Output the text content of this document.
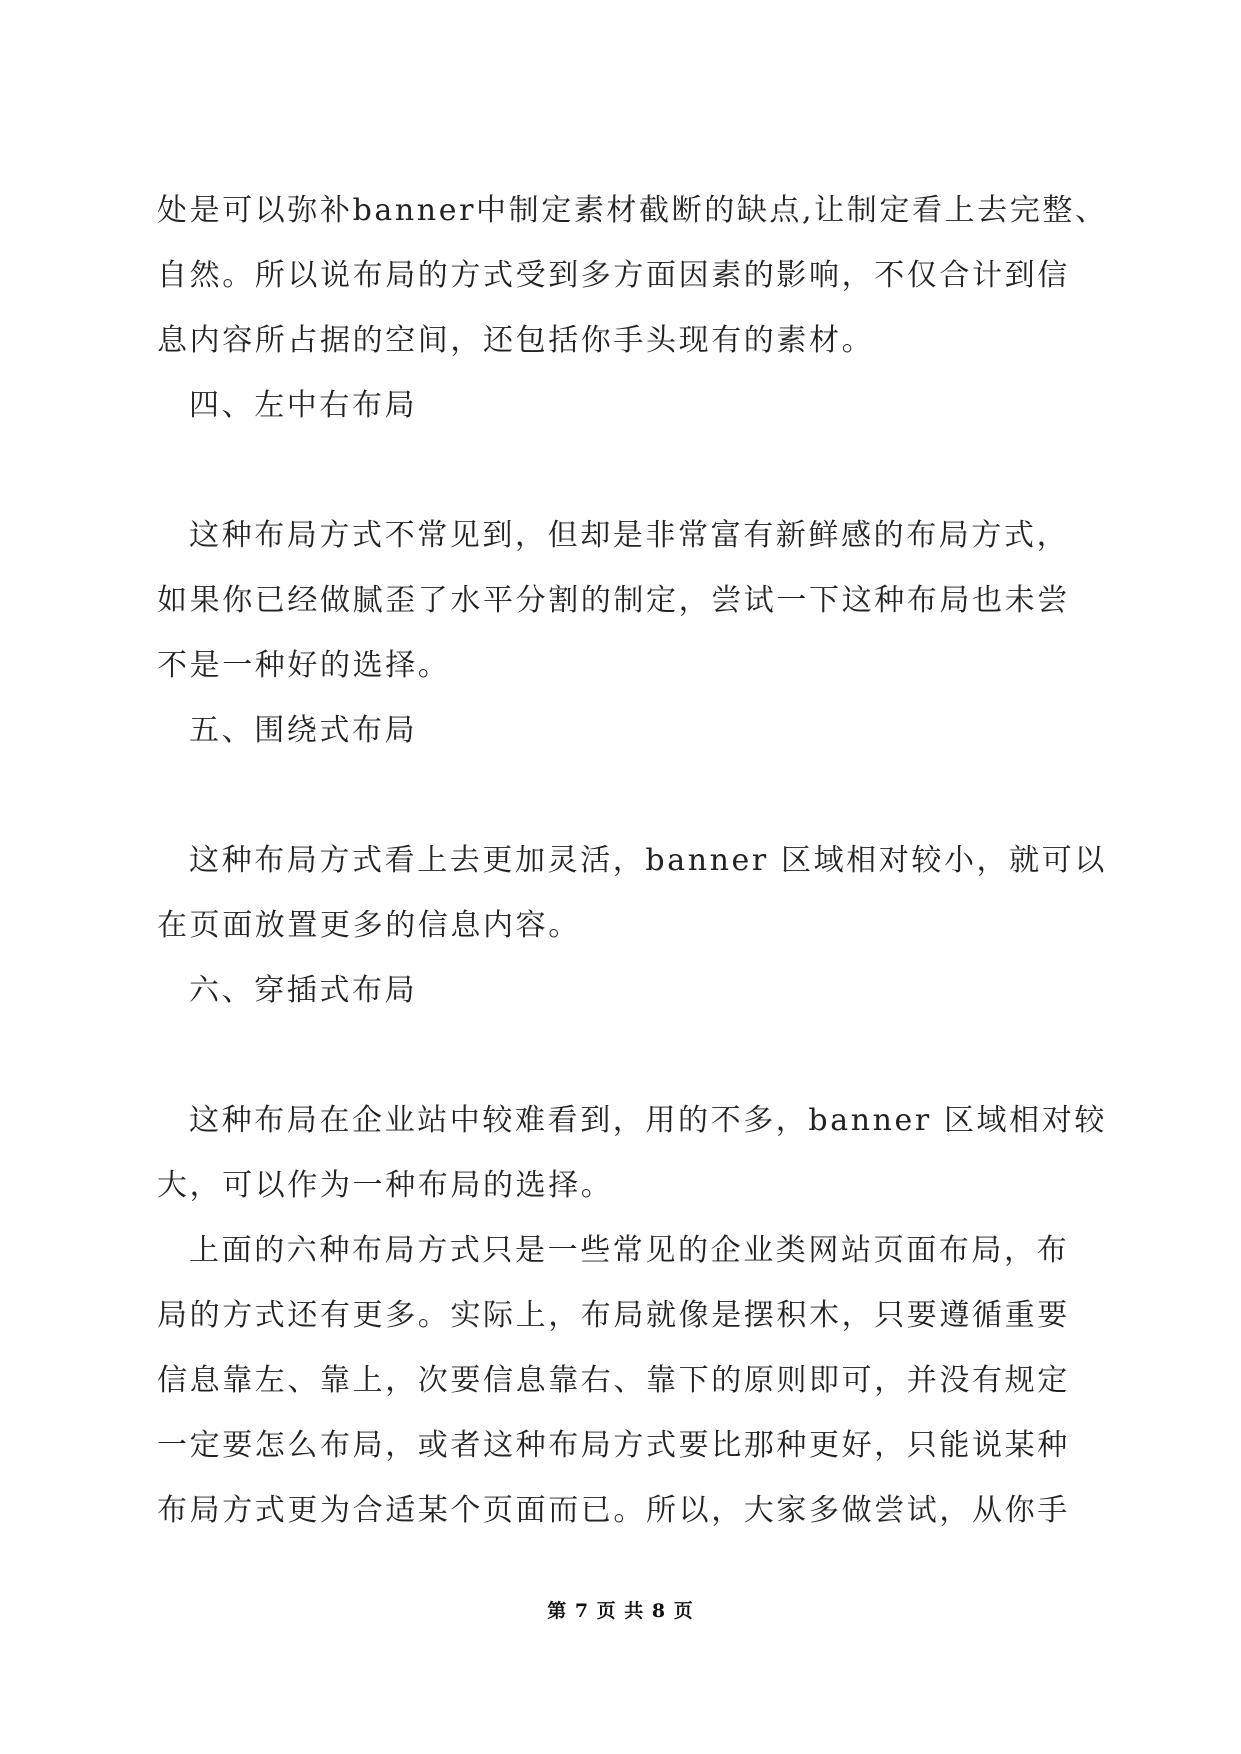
处是可以弥补banner中制定素材截断的缺点,让制定看上去完整、
自然。所以说布局的方式受到多方面因素的影响，不仅合计到信
息内容所占据的空间，还包括你手头现有的素材。
四、左中右布局
这种布局方式不常见到，但却是非常富有新鲜感的布局方式，
如果你已经做腻歪了水平分割的制定，尝试一下这种布局也未尝
不是一种好的选择。
五、围绕式布局
这种布局方式看上去更加灵活，banner 区域相对较小，就可以
在页面放置更多的信息内容。
六、穿插式布局
这种布局在企业站中较难看到，用的不多，banner 区域相对较
大，可以作为一种布局的选择。
上面的六种布局方式只是一些常见的企业类网站页面布局，布
局的方式还有更多。实际上，布局就像是摆积木，只要遵循重要
信息靠左、靠上，次要信息靠右、靠下的原则即可，并没有规定
一定要怎么布局，或者这种布局方式要比那种更好，只能说某种
布局方式更为合适某个页面而已。所以，大家多做尝试，从你手
第 7 页 共 8 页
